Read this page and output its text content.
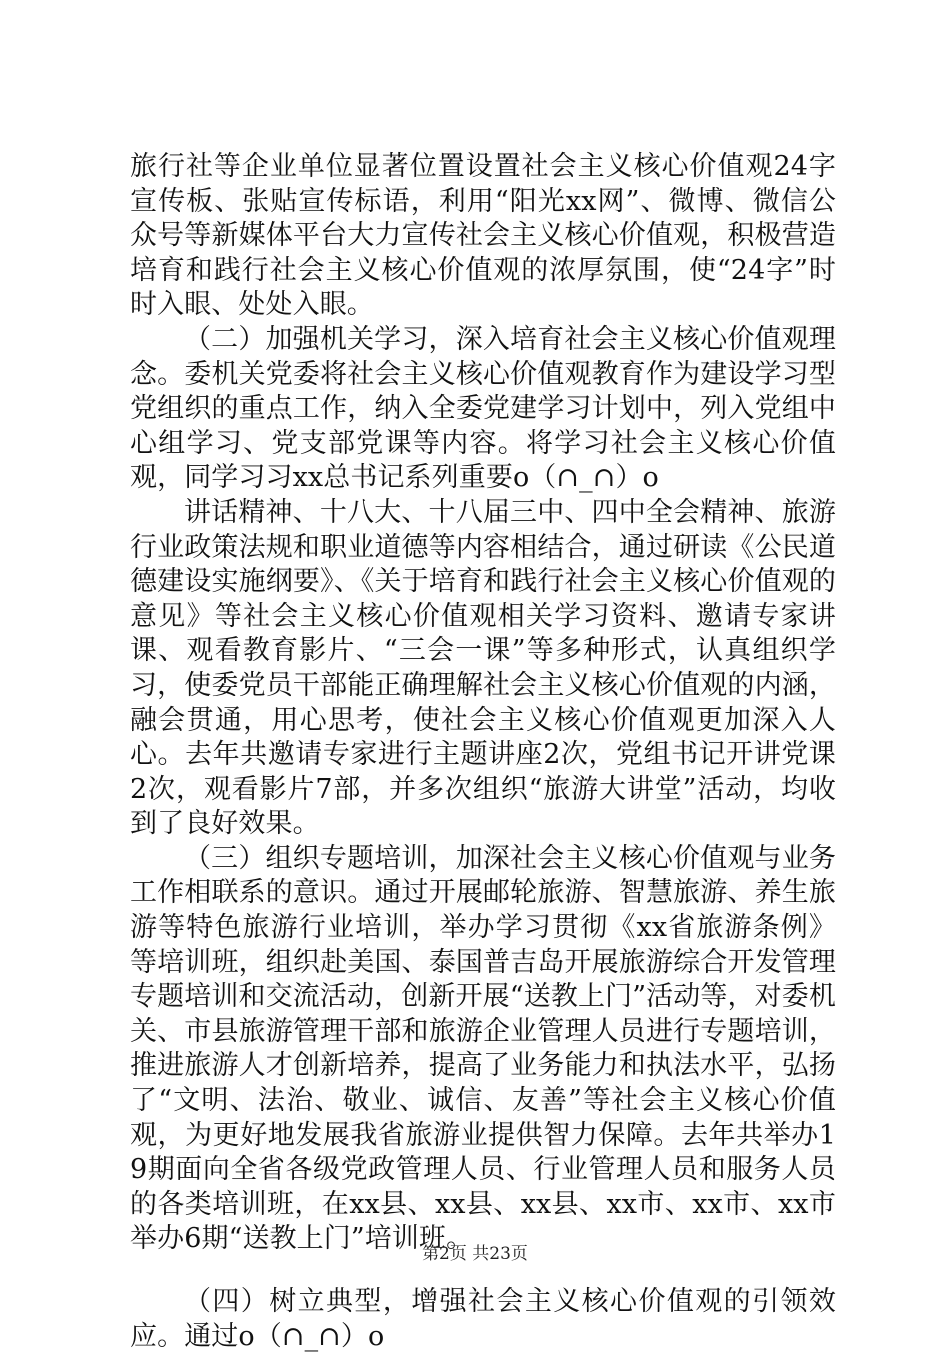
旅行社等企业单位显著位置设置社会主义核心价值观24字宣传板、张贴宣传标语，利用“阳光xx网”、微博、微信公众号等新媒体平台大力宣传社会主义核心价值观，积极营造培育和践行社会主义核心价值观的浓厚氛围，使“24字”时时入眼、处处入眼。

（二）加强机关学习，深入培育社会主义核心价值观理念。委机关党委将社会主义核心价值观教育作为建设学习型党组织的重点工作，纳入全委党建学习计划中，列入党组中心组学习、党支部党课等内容。将学习社会主义核心价值观，同学习习xx总书记系列重要o（∩_∩）o

讲话精神、十八大、十八届三中、四中全会精神、旅游行业政策法规和职业道德等内容相结合，通过研读《公民道德建设实施纲要》、《关于培育和践行社会主义核心价值观的意见》等社会主义核心价值观相关学习资料、邀请专家讲课、观看教育影片、“三会一课”等多种形式，认真组织学习，使委党员干部能正确理解社会主义核心价值观的内涵，融会贯通，用心思考，使社会主义核心价值观更加深入人心。去年共邀请专家进行主题讲座2次，党组书记开讲党课2次，观看影片7部，并多次组织“旅游大讲堂”活动，均收到了良好效果。

（三）组织专题培训，加深社会主义核心价值观与业务工作相联系的意识。通过开展邮轮旅游、智慧旅游、养生旅游等特色旅游行业培训，举办学习贯彻《xx省旅游条例》等培训班，组织赴美国、泰国普吉岛开展旅游综合开发管理专题培训和交流活动，创新开展“送教上门”活动等，对委机关、市县旅游管理干部和旅游企业管理人员进行专题培训，推进旅游人才创新培养，提高了业务能力和执法水平，弘扬了“文明、法治、敬业、诚信、友善”等社会主义核心价值观，为更好地发展我省旅游业提供智力保障。去年共举办19期面向全省各级党政管理人员、行业管理人员和服务人员的各类培训班，在xx县、xx县、xx县、xx市、xx市、xx市举办6期“送教上门”培训班。

（四）树立典型，增强社会主义核心价值观的引领效应。通过o（∩_∩）o

第2页 共23页
